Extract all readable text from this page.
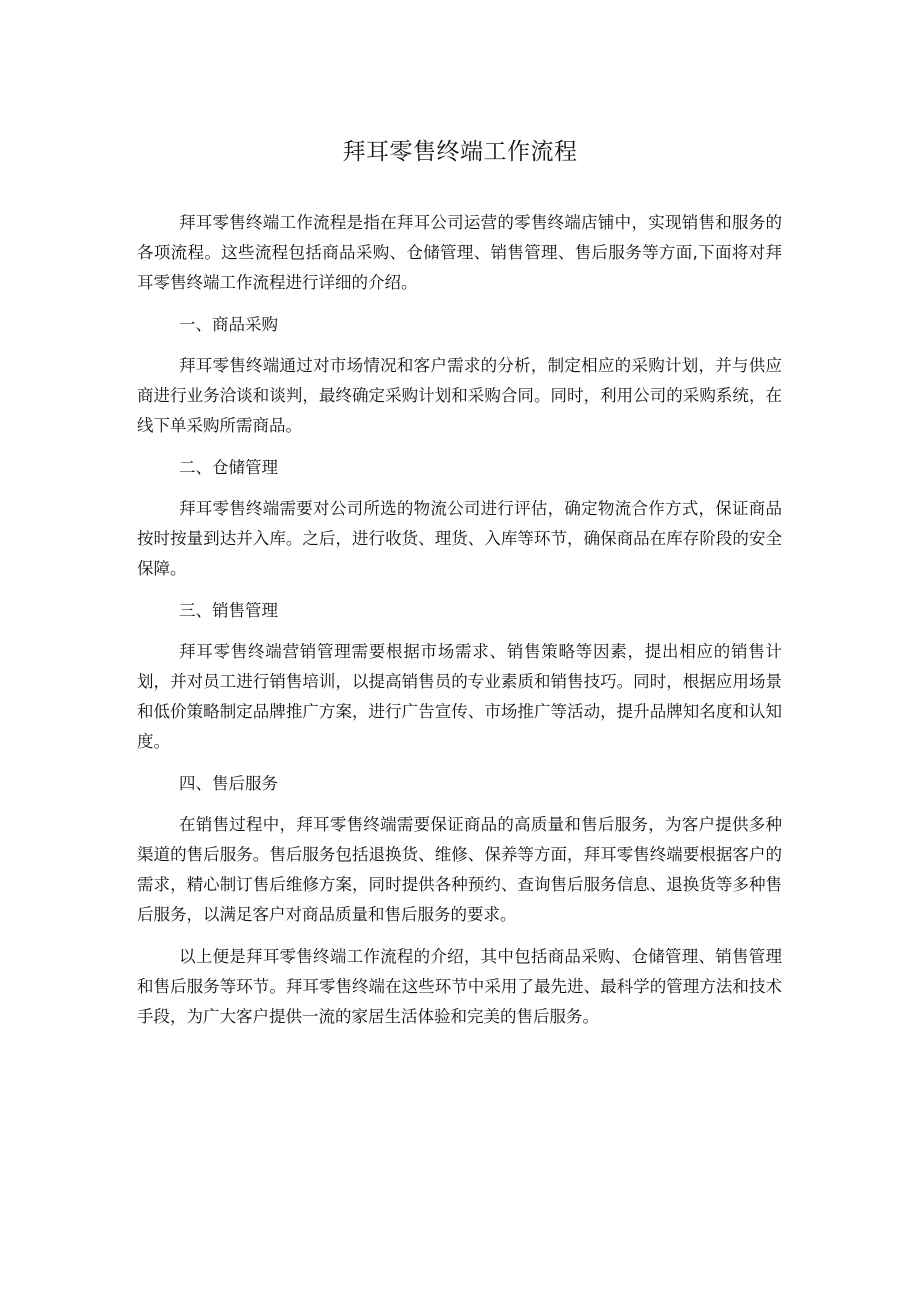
拜耳零售终端工作流程

拜耳零售终端工作流程是指在拜耳公司运营的零售终端店铺中，实现销售和服务的各项流程。这些流程包括商品采购、仓储管理、销售管理、售后服务等方面,下面将对拜耳零售终端工作流程进行详细的介绍。

一、商品采购

拜耳零售终端通过对市场情况和客户需求的分析，制定相应的采购计划，并与供应商进行业务洽谈和谈判，最终确定采购计划和采购合同。同时，利用公司的采购系统，在线下单采购所需商品。

二、仓储管理

拜耳零售终端需要对公司所选的物流公司进行评估，确定物流合作方式，保证商品按时按量到达并入库。之后，进行收货、理货、入库等环节，确保商品在库存阶段的安全保障。

三、销售管理

拜耳零售终端营销管理需要根据市场需求、销售策略等因素，提出相应的销售计划，并对员工进行销售培训，以提高销售员的专业素质和销售技巧。同时，根据应用场景和低价策略制定品牌推广方案，进行广告宣传、市场推广等活动，提升品牌知名度和认知度。

四、售后服务

在销售过程中，拜耳零售终端需要保证商品的高质量和售后服务，为客户提供多种渠道的售后服务。售后服务包括退换货、维修、保养等方面，拜耳零售终端要根据客户的需求，精心制订售后维修方案，同时提供各种预约、查询售后服务信息、退换货等多种售后服务，以满足客户对商品质量和售后服务的要求。

以上便是拜耳零售终端工作流程的介绍，其中包括商品采购、仓储管理、销售管理和售后服务等环节。拜耳零售终端在这些环节中采用了最先进、最科学的管理方法和技术手段，为广大客户提供一流的家居生活体验和完美的售后服务。
